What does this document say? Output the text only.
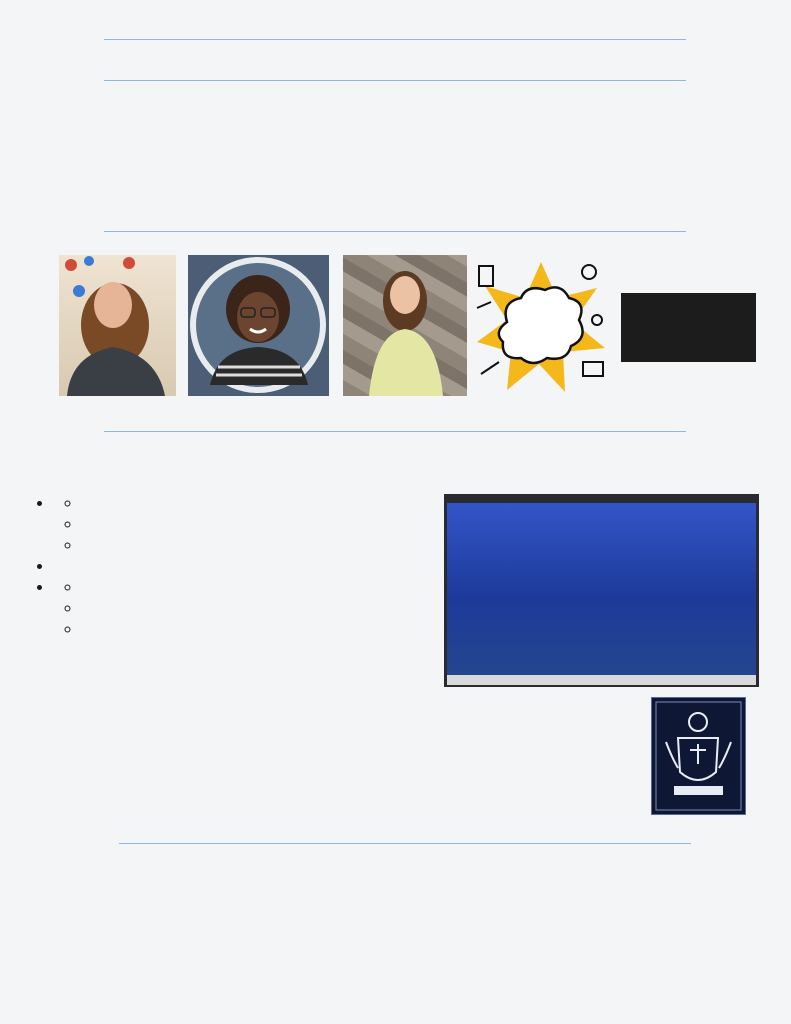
•
◦
◦
◦
•
•
◦
◦
◦
